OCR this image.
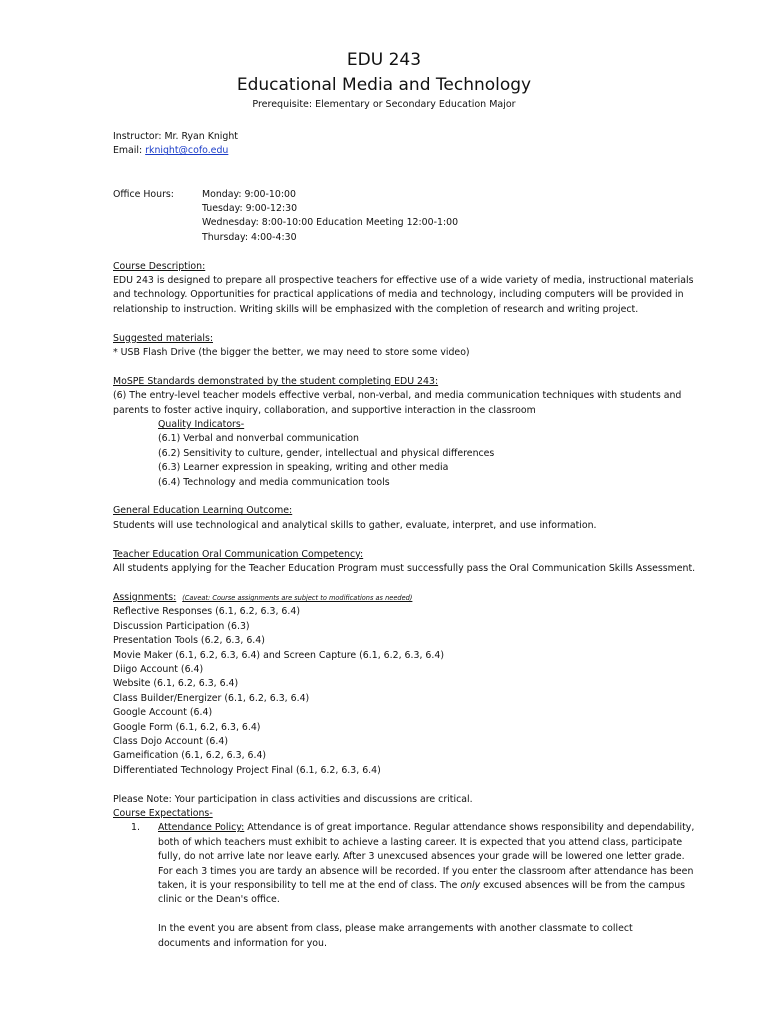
EDU 243
Educational Media and Technology
Prerequisite: Elementary or Secondary Education Major

Instructor: Mr. Ryan Knight

Email: rknight@cofo.edu

Office Hours:	Monday: 9:00-10:00

Tuesday: 9:00-12:30

Wednesday: 8:00-10:00 Education Meeting 12:00-1:00

Thursday: 4:00-4:30

Course Description:

EDU 243 is designed to prepare all prospective teachers for effective use of a wide variety of media, instructional materials

and technology. Opportunities for practical applications of media and technology, including computers will be provided in

relationship to instruction. Writing skills will be emphasized with the completion of research and writing project.

Suggested materials:

* USB Flash Drive (the bigger the better, we may need to store some video)

MoSPE Standards demonstrated by the student completing EDU 243:

(6) The entry-level teacher models effective verbal, non-verbal, and media communication techniques with students and

parents to foster active inquiry, collaboration, and supportive interaction in the classroom

Quality Indicators-

(6.1) Verbal and nonverbal communication

(6.2) Sensitivity to culture, gender, intellectual and physical differences

(6.3) Learner expression in speaking, writing and other media

(6.4) Technology and media communication tools

General Education Learning Outcome:

Students will use technological and analytical skills to gather, evaluate, interpret, and use information.

Teacher Education Oral Communication Competency:

All students applying for the Teacher Education Program must successfully pass the Oral Communication Skills Assessment.

Assignments: (Caveat: Course assignments are subject to modifications as needed)

Reflective Responses (6.1, 6.2, 6.3, 6.4)

Discussion Participation (6.3)

Presentation Tools (6.2, 6.3, 6.4)

Movie Maker (6.1, 6.2, 6.3, 6.4) and Screen Capture (6.1, 6.2, 6.3, 6.4)

Diigo Account (6.4)

Website (6.1, 6.2, 6.3, 6.4)

Class Builder/Energizer (6.1, 6.2, 6.3, 6.4)

Google Account (6.4)

Google Form (6.1, 6.2, 6.3, 6.4)

Class Dojo Account (6.4)

Gameification (6.1, 6.2, 6.3, 6.4)

Differentiated Technology Project Final (6.1, 6.2, 6.3, 6.4)

Please Note: Your participation in class activities and discussions are critical.

Course Expectations-

1.	Attendance Policy: Attendance is of great importance. Regular attendance shows responsibility and dependability,

both of which teachers must exhibit to achieve a lasting career. It is expected that you attend class, participate

fully, do not arrive late nor leave early. After 3 unexcused absences your grade will be lowered one letter grade.

For each 3 times you are tardy an absence will be recorded. If you enter the classroom after attendance has been

taken, it is your responsibility to tell me at the end of class. The only excused absences will be from the campus

clinic or the Dean's office.

In the event you are absent from class, please make arrangements with another classmate to collect

documents and information for you.
